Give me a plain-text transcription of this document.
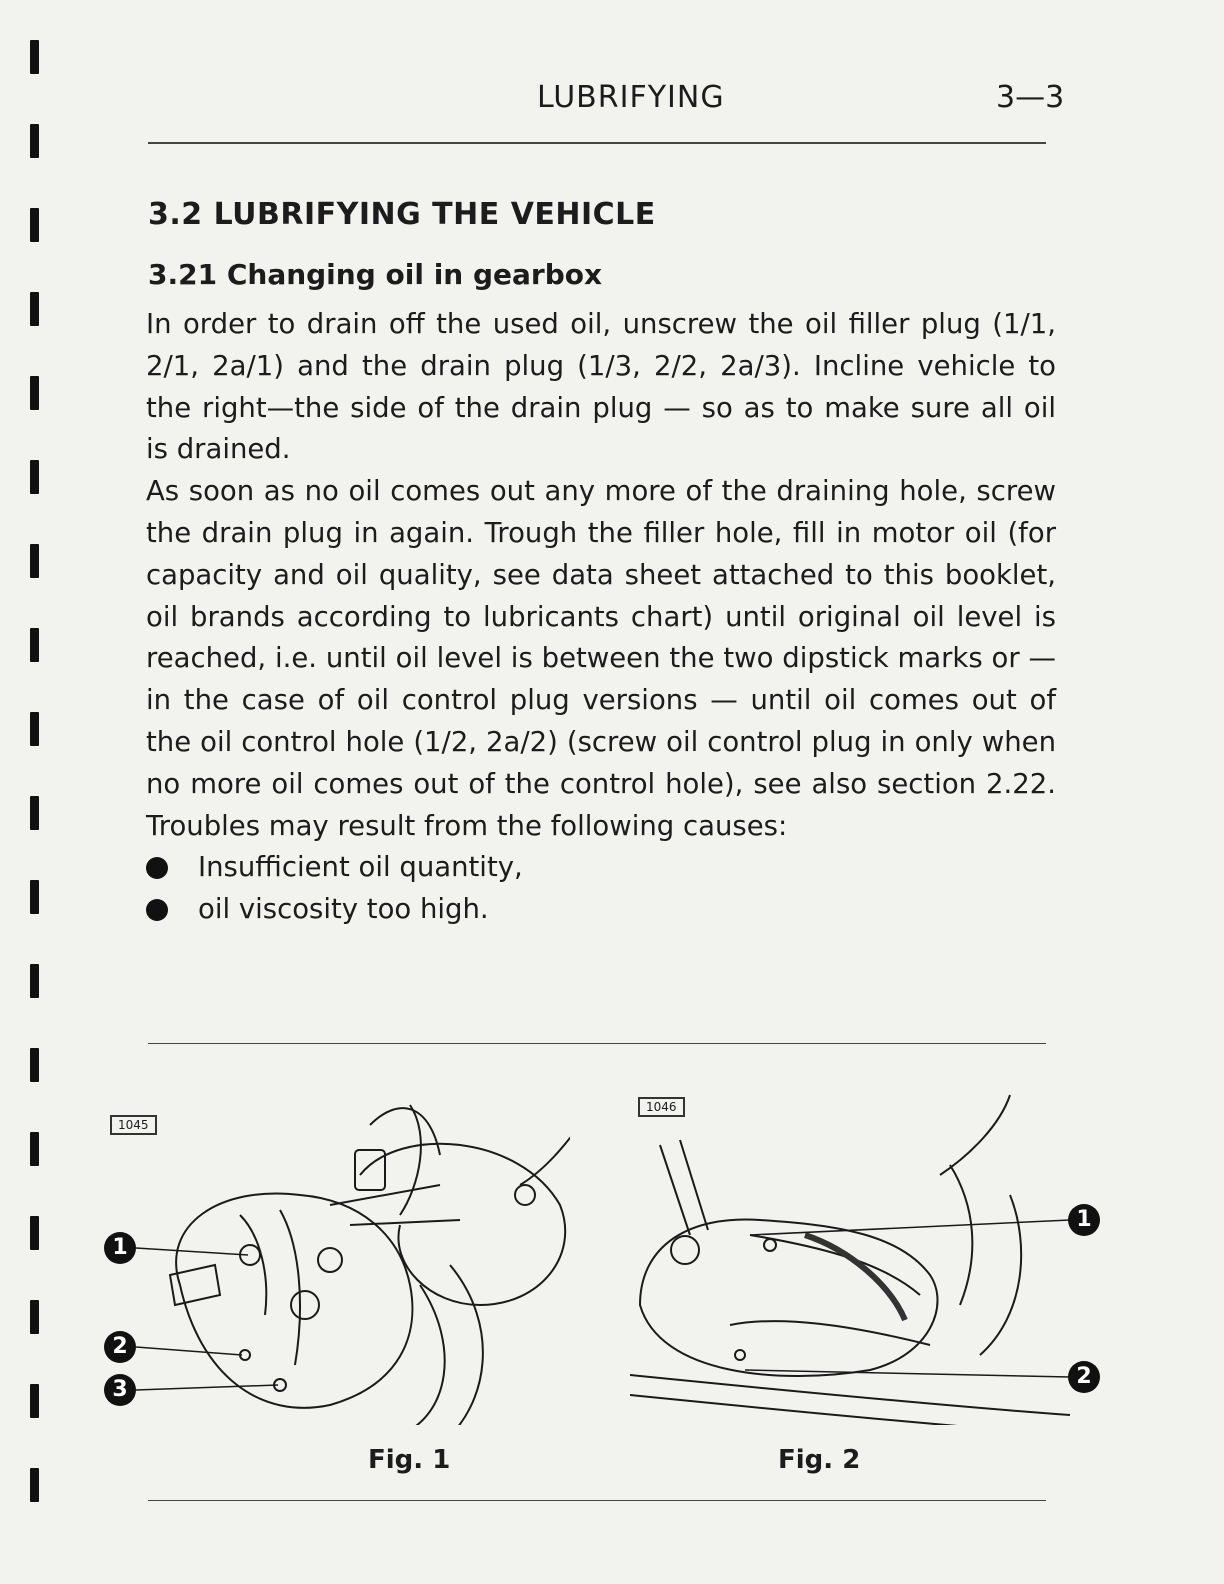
LUBRIFYING	3—3
3.2 LUBRIFYING THE VEHICLE
3.21 Changing oil in gearbox

In order to drain off the used oil, unscrew the oil filler plug (1/1, 2/1, 2a/1) and the drain plug (1/3, 2/2, 2a/3). Incline vehicle to the right—the side of the drain plug — so as to make sure all oil is drained.

As soon as no oil comes out any more of the draining hole, screw the drain plug in again. Trough the filler hole, fill in motor oil (for capacity and oil quality, see data sheet attached to this booklet, oil brands according to lubricants chart) until original oil level is reached, i.e. until oil level is between the two dipstick marks or — in the case of oil control plug versions — until oil comes out of the oil control hole (1/2, 2a/2) (screw oil control plug in only when no more oil comes out of the control hole), see also section 2.22. Troubles may result from the following causes:

Insufficient oil quantity,
oil viscosity too high.
1045
1
2
3
Fig. 1
1046
1
2
Fig. 2
